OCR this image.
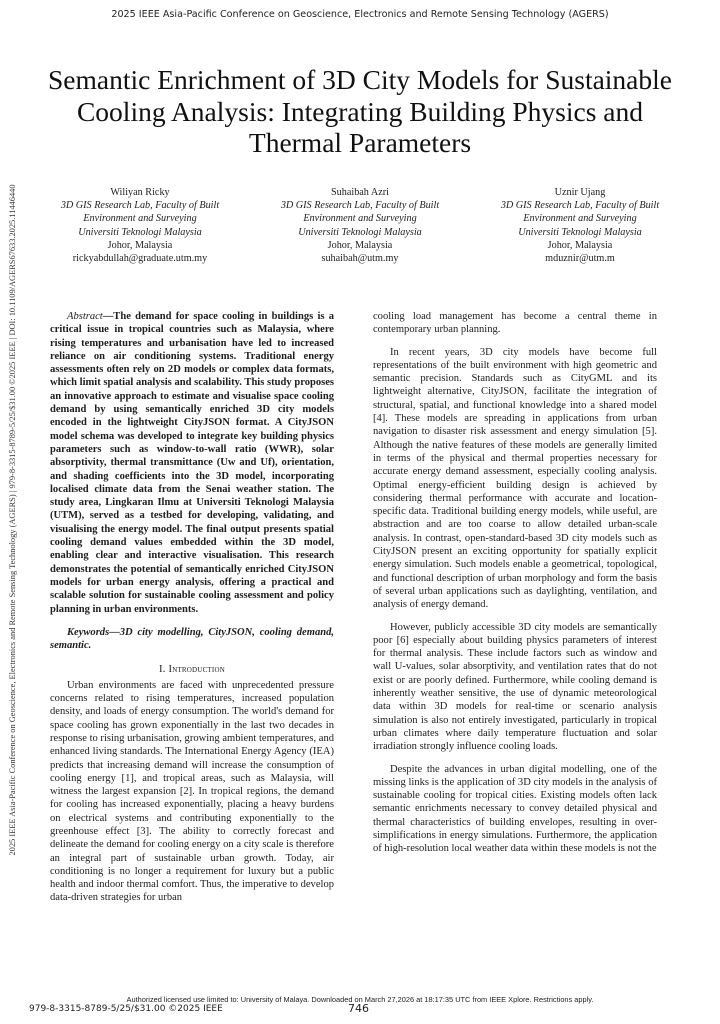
2025 IEEE Asia-Pacific Conference on Geoscience, Electronics and Remote Sensing Technology (AGERS)
2025 IEEE Asia-Pacific Conference on Geoscience, Electronics and Remote Sensing Technology (AGERS) | 979-8-3315-8789-5/25/$31.00 ©2025 IEEE | DOI: 10.1109/AGERS67633.2025.11446440
Semantic Enrichment of 3D City Models for Sustainable Cooling Analysis: Integrating Building Physics and Thermal Parameters
Wiliyan Ricky
3D GIS Research Lab, Faculty of Built
Environment and Surveying
Universiti Teknologi Malaysia
Johor, Malaysia
rickyabdullah@graduate.utm.my
Suhaibah Azri
3D GIS Research Lab, Faculty of Built
Environment and Surveying
Universiti Teknologi Malaysia
Johor, Malaysia
suhaibah@utm.my
Uznir Ujang
3D GIS Research Lab, Faculty of Built
Environment and Surveying
Universiti Teknologi Malaysia
Johor, Malaysia
mduznir@utm.m

Abstract—The demand for space cooling in buildings is a critical issue in tropical countries such as Malaysia, where rising temperatures and urbanisation have led to increased reliance on air conditioning systems. Traditional energy assessments often rely on 2D models or complex data formats, which limit spatial analysis and scalability. This study proposes an innovative approach to estimate and visualise space cooling demand by using semantically enriched 3D city models encoded in the lightweight CityJSON format. A CityJSON model schema was developed to integrate key building physics parameters such as window-to-wall ratio (WWR), solar absorptivity, thermal transmittance (Uw and Uf), orientation, and shading coefficients into the 3D model, incorporating localised climate data from the Senai weather station. The study area, Lingkaran Ilmu at Universiti Teknologi Malaysia (UTM), served as a testbed for developing, validating, and visualising the energy model. The final output presents spatial cooling demand values embedded within the 3D model, enabling clear and interactive visualisation. This research demonstrates the potential of semantically enriched CityJSON models for urban energy analysis, offering a practical and scalable solution for sustainable cooling assessment and policy planning in urban environments.

Keywords—3D city modelling, CityJSON, cooling demand, semantic.

I. Introduction

Urban environments are faced with unprecedented pressure concerns related to rising temperatures, increased population density, and loads of energy consumption. The world's demand for space cooling has grown exponentially in the last two decades in response to rising urbanisation, growing ambient temperatures, and enhanced living standards. The International Energy Agency (IEA) predicts that increasing demand will increase the consumption of cooling energy [1], and tropical areas, such as Malaysia, will witness the largest expansion [2]. In tropical regions, the demand for cooling has increased exponentially, placing a heavy burdens on electrical systems and contributing exponentially to the greenhouse effect [3]. The ability to correctly forecast and delineate the demand for cooling energy on a city scale is therefore an integral part of sustainable urban growth. Today, air conditioning is no longer a requirement for luxury but a public health and indoor thermal comfort. Thus, the imperative to develop data-driven strategies for urban

cooling load management has become a central theme in contemporary urban planning.

In recent years, 3D city models have become full representations of the built environment with high geometric and semantic precision. Standards such as CityGML and its lightweight alternative, CityJSON, facilitate the integration of structural, spatial, and functional knowledge into a shared model [4]. These models are spreading in applications from urban navigation to disaster risk assessment and energy simulation [5]. Although the native features of these models are generally limited in terms of the physical and thermal properties necessary for accurate energy demand assessment, especially cooling analysis. Optimal energy-efficient building design is achieved by considering thermal performance with accurate and location-specific data. Traditional building energy models, while useful, are abstraction and are too coarse to allow detailed urban-scale analysis. In contrast, open-standard-based 3D city models such as CityJSON present an exciting opportunity for spatially explicit energy simulation. Such models enable a geometrical, topological, and functional description of urban morphology and form the basis of several urban applications such as daylighting, ventilation, and analysis of energy demand.

However, publicly accessible 3D city models are semantically poor [6] especially about building physics parameters of interest for thermal analysis. These include factors such as window and wall U-values, solar absorptivity, and ventilation rates that do not exist or are poorly defined. Furthermore, while cooling demand is inherently weather sensitive, the use of dynamic meteorological data within 3D models for real-time or scenario analysis simulation is also not entirely investigated, particularly in tropical urban climates where daily temperature fluctuation and solar irradiation strongly influence cooling loads.

Despite the advances in urban digital modelling, one of the missing links is the application of 3D city models in the analysis of sustainable cooling for tropical cities. Existing models often lack semantic enrichments necessary to convey detailed physical and thermal characteristics of building envelopes, resulting in over-simplifications in energy simulations. Furthermore, the application of high-resolution local weather data within these models is not the

Authorized licensed use limited to: University of Malaya. Downloaded on March 27,2026 at 18:17:35 UTC from IEEE Xplore. Restrictions apply.
979-8-3315-8789-5/25/$31.00 ©2025 IEEE	746
